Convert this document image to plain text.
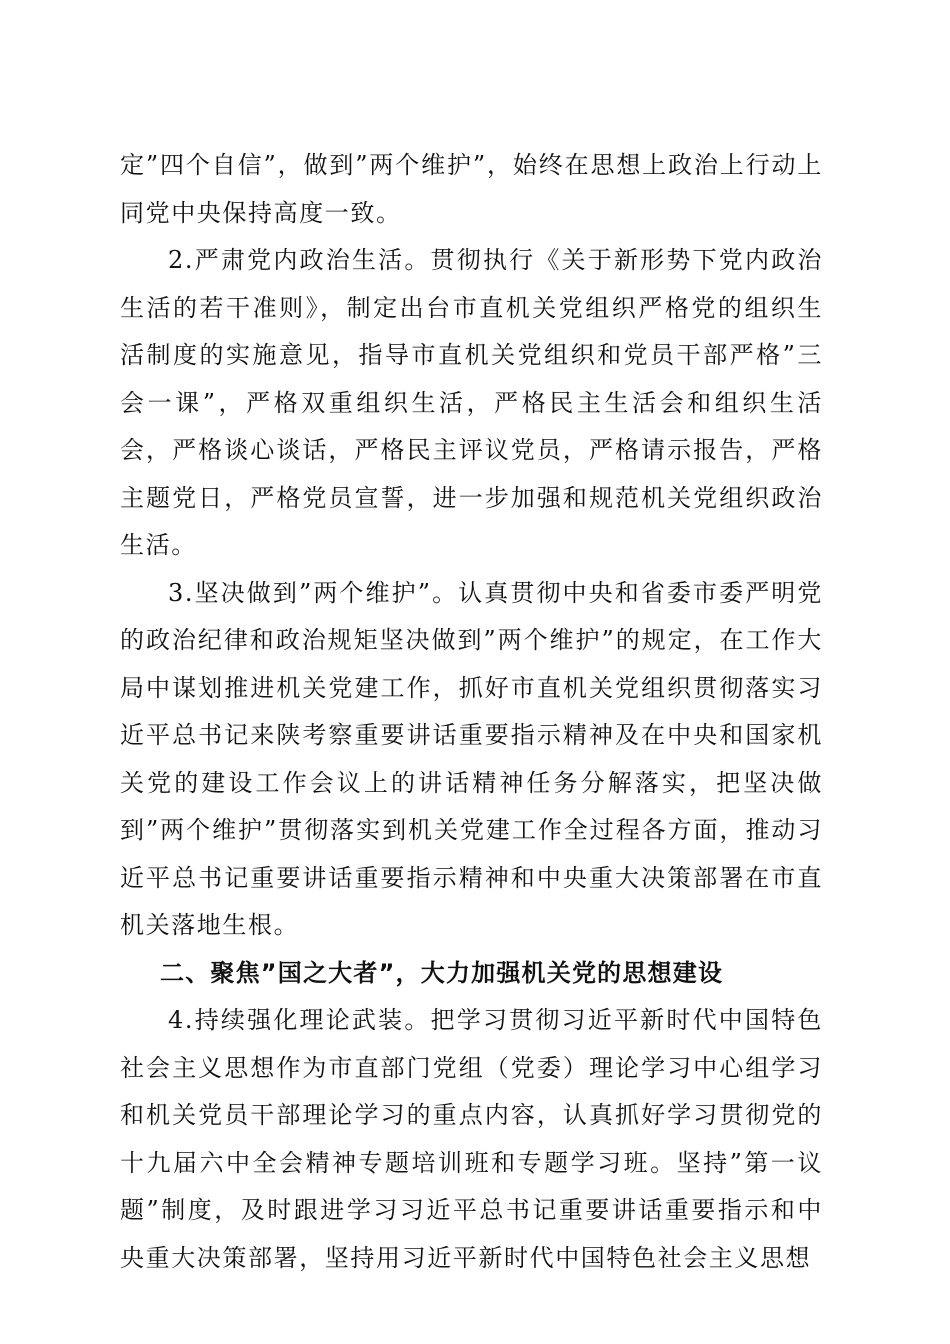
定”四个自信”，做到”两个维护”，始终在思想上政治上行动上同党中央保持高度一致。

2.严肃党内政治生活。贯彻执行《关于新形势下党内政治生活的若干准则》，制定出台市直机关党组织严格党的组织生活制度的实施意见，指导市直机关党组织和党员干部严格”三会一课”，严格双重组织生活，严格民主生活会和组织生活会，严格谈心谈话，严格民主评议党员，严格请示报告，严格主题党日，严格党员宣誓，进一步加强和规范机关党组织政治生活。

3.坚决做到”两个维护”。认真贯彻中央和省委市委严明党的政治纪律和政治规矩坚决做到”两个维护”的规定，在工作大局中谋划推进机关党建工作，抓好市直机关党组织贯彻落实习近平总书记来陕考察重要讲话重要指示精神及在中央和国家机关党的建设工作会议上的讲话精神任务分解落实，把坚决做到”两个维护”贯彻落实到机关党建工作全过程各方面，推动习近平总书记重要讲话重要指示精神和中央重大决策部署在市直机关落地生根。

二、聚焦”国之大者”，大力加强机关党的思想建设

4.持续强化理论武装。把学习贯彻习近平新时代中国特色社会主义思想作为市直部门党组（党委）理论学习中心组学习和机关党员干部理论学习的重点内容，认真抓好学习贯彻党的十九届六中全会精神专题培训班和专题学习班。坚持”第一议题”制度，及时跟进学习习近平总书记重要讲话重要指示和中央重大决策部署，坚持用习近平新时代中国特色社会主义思想
